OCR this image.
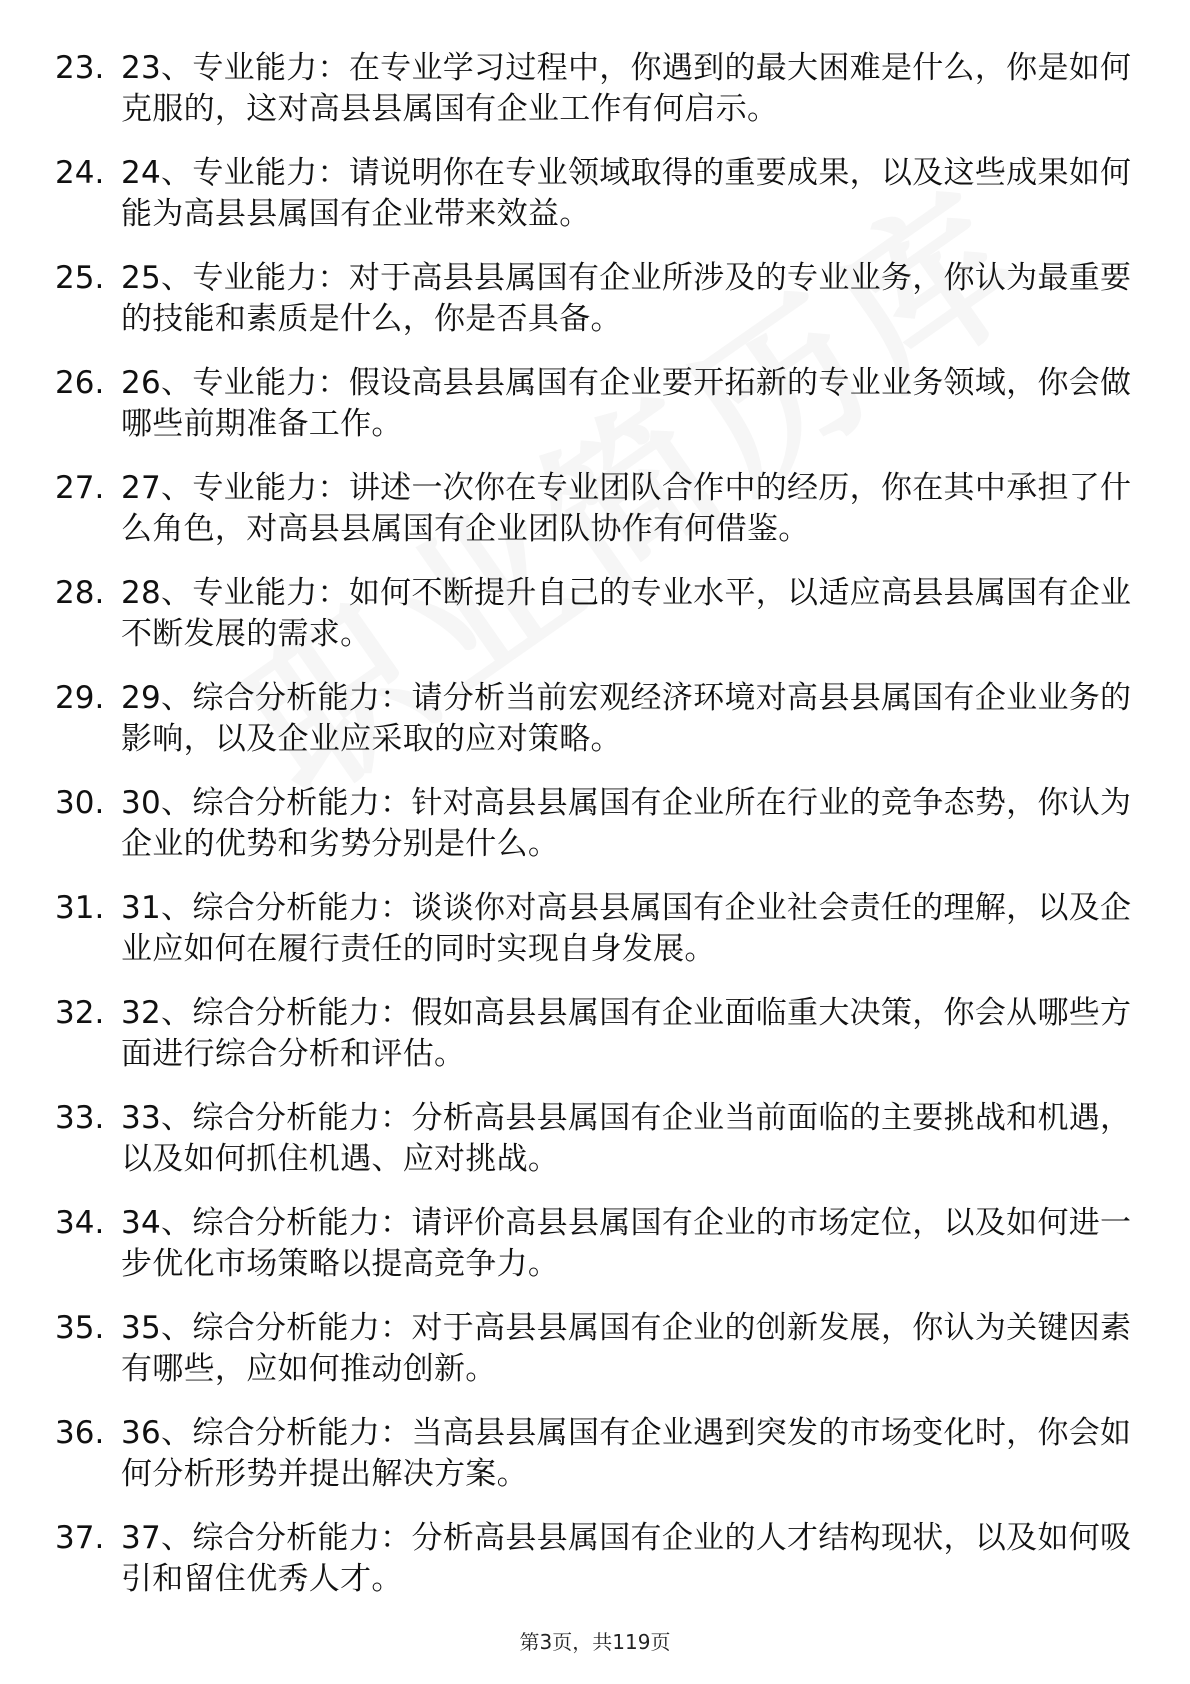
23. 23、专业能力：在专业学习过程中，你遇到的最大困难是什么，你是如何克服的，这对高县县属国有企业工作有何启示。
24. 24、专业能力：请说明你在专业领域取得的重要成果，以及这些成果如何能为高县县属国有企业带来效益。
25. 25、专业能力：对于高县县属国有企业所涉及的专业业务，你认为最重要的技能和素质是什么，你是否具备。
26. 26、专业能力：假设高县县属国有企业要开拓新的专业业务领域，你会做哪些前期准备工作。
27. 27、专业能力：讲述一次你在专业团队合作中的经历，你在其中承担了什么角色，对高县县属国有企业团队协作有何借鉴。
28. 28、专业能力：如何不断提升自己的专业水平，以适应高县县属国有企业不断发展的需求。
29. 29、综合分析能力：请分析当前宏观经济环境对高县县属国有企业业务的影响，以及企业应采取的应对策略。
30. 30、综合分析能力：针对高县县属国有企业所在行业的竞争态势，你认为企业的优势和劣势分别是什么。
31. 31、综合分析能力：谈谈你对高县县属国有企业社会责任的理解，以及企业应如何在履行责任的同时实现自身发展。
32. 32、综合分析能力：假如高县县属国有企业面临重大决策，你会从哪些方面进行综合分析和评估。
33. 33、综合分析能力：分析高县县属国有企业当前面临的主要挑战和机遇，以及如何抓住机遇、应对挑战。
34. 34、综合分析能力：请评价高县县属国有企业的市场定位，以及如何进一步优化市场策略以提高竞争力。
35. 35、综合分析能力：对于高县县属国有企业的创新发展，你认为关键因素有哪些，应如何推动创新。
36. 36、综合分析能力：当高县县属国有企业遇到突发的市场变化时，你会如何分析形势并提出解决方案。
37. 37、综合分析能力：分析高县县属国有企业的人才结构现状，以及如何吸引和留住优秀人才。
第3页，共119页
